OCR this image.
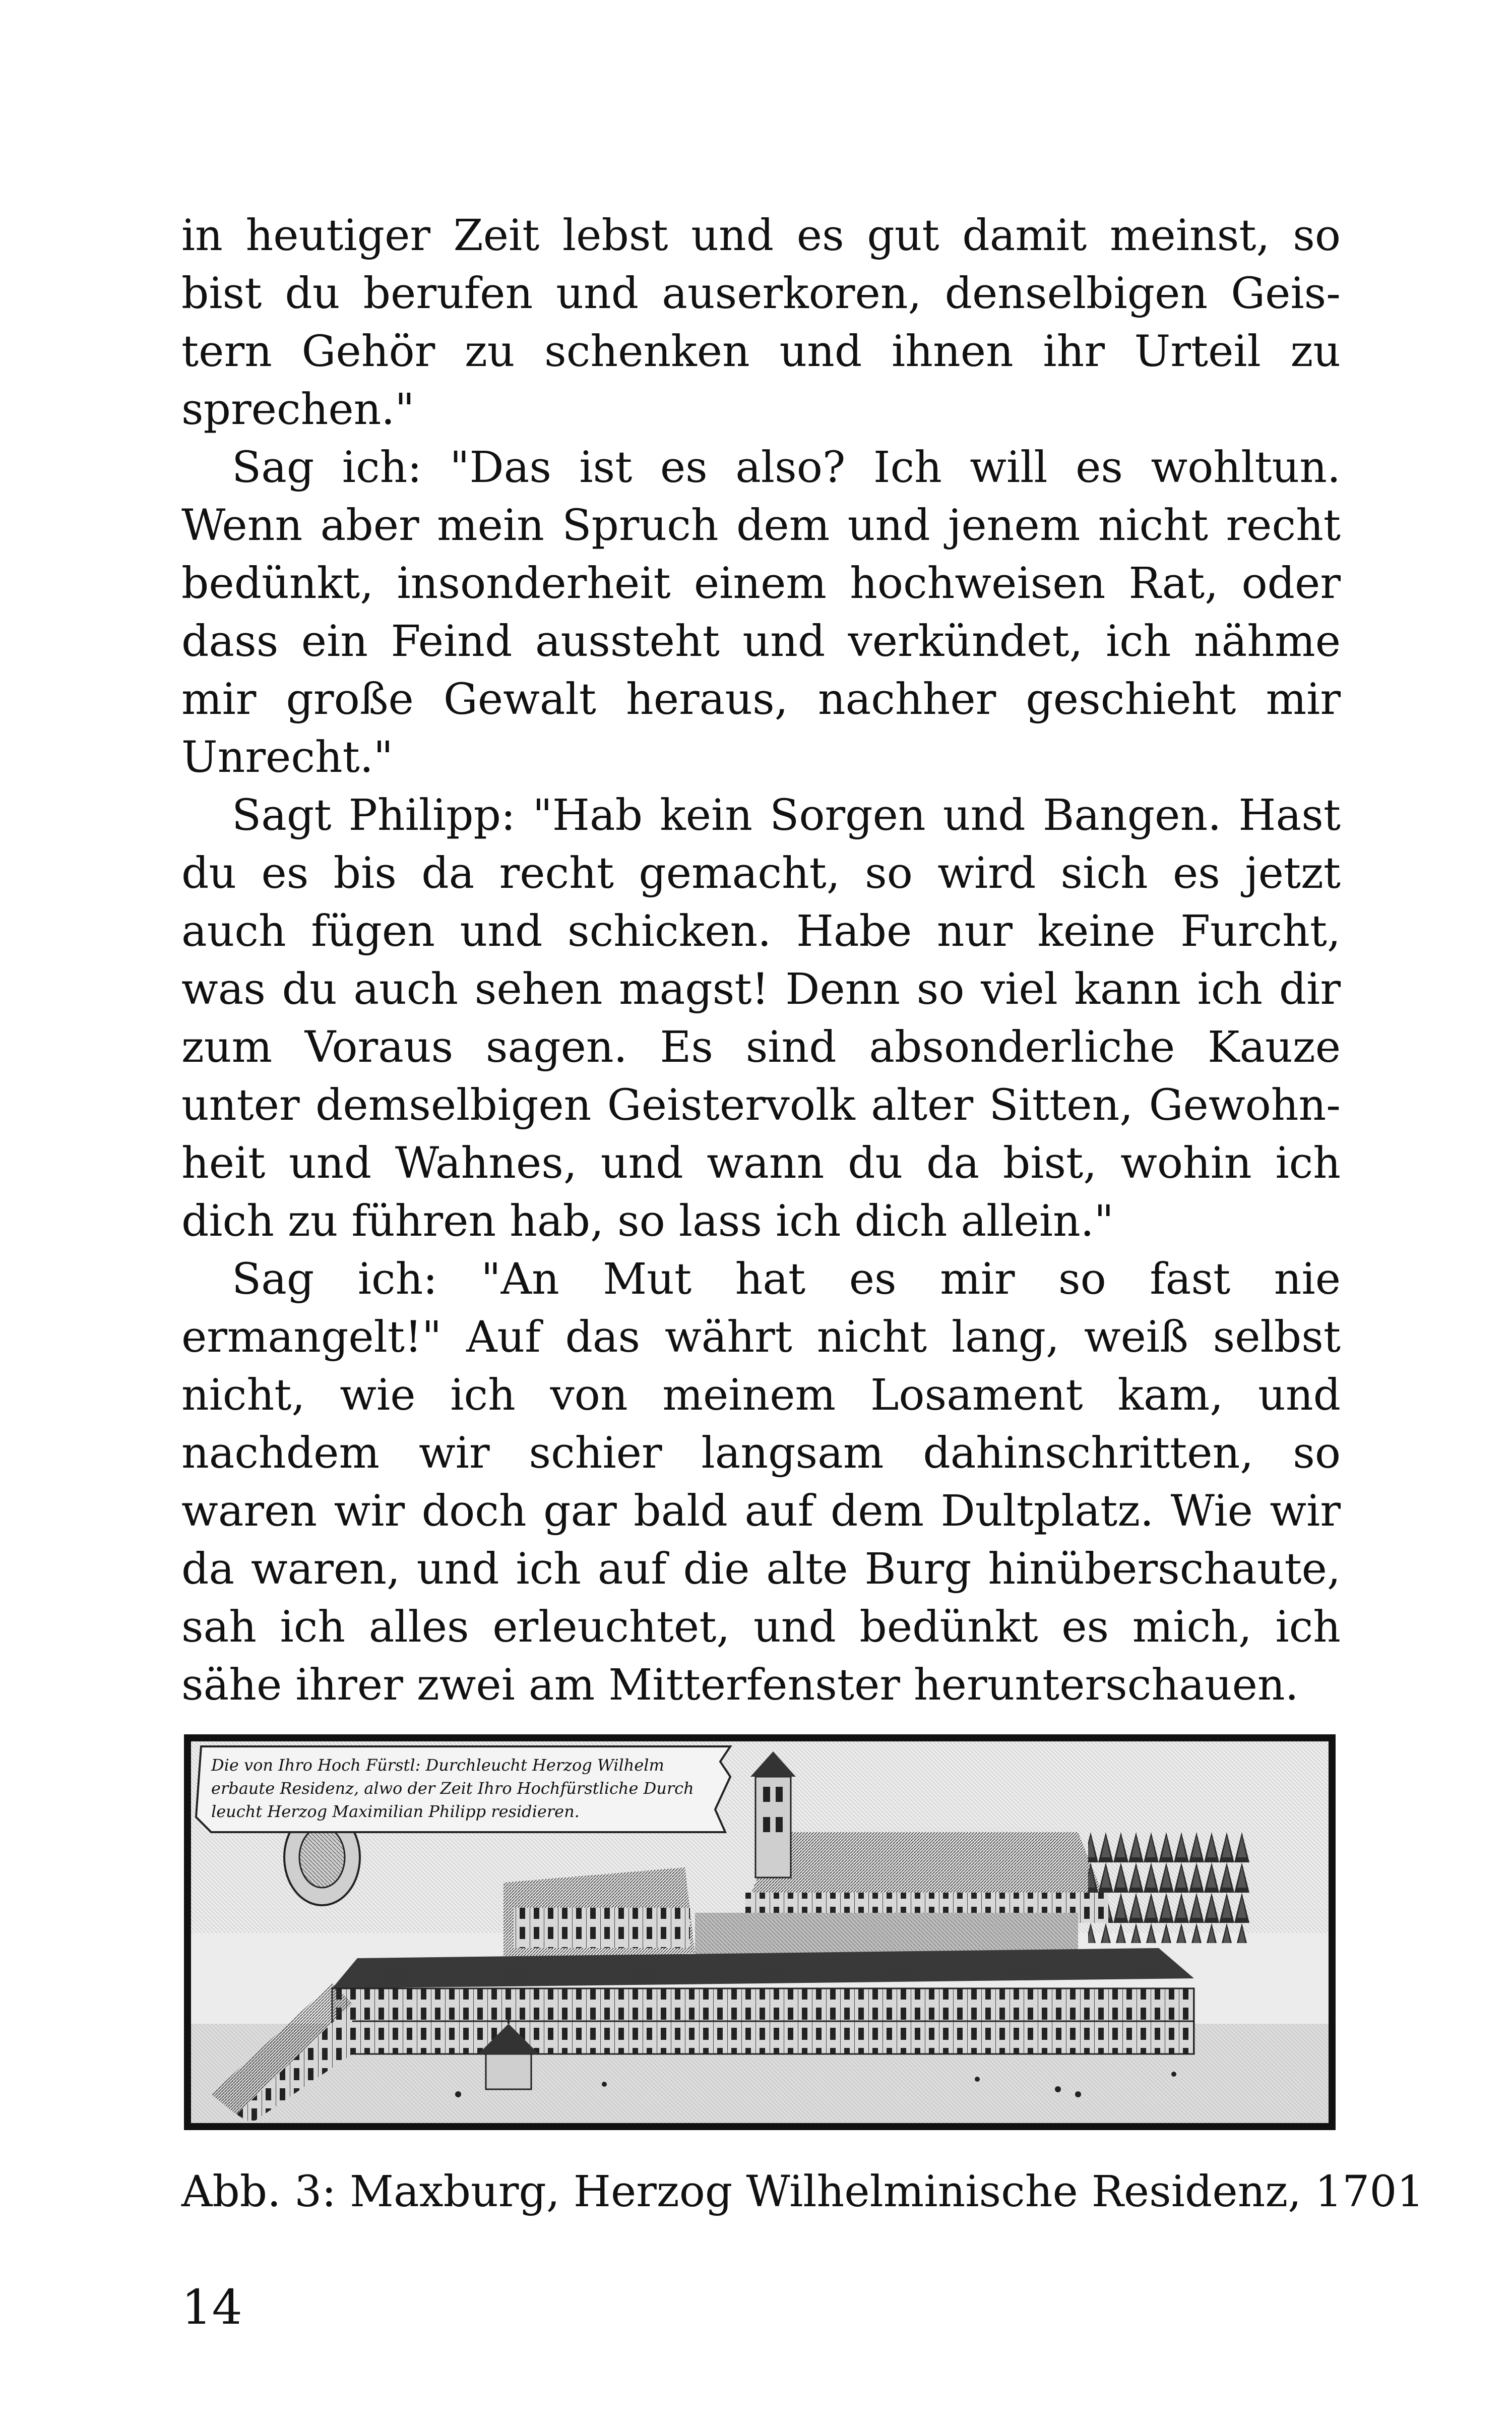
in heutiger Zeit lebst und es gut damit meinst, so bist du berufen und auserkoren, denselbigen Geistern Gehör zu schenken und ihnen ihr Urteil zu sprechen."

Sag ich: "Das ist es also? Ich will es wohltun. Wenn aber mein Spruch dem und jenem nicht recht bedünkt, insonderheit einem hochweisen Rat, oder dass ein Feind aussteht und verkündet, ich nähme mir große Gewalt heraus, nachher geschieht mir Unrecht."

Sagt Philipp: "Hab kein Sorgen und Bangen. Hast du es bis da recht gemacht, so wird sich es jetzt auch fügen und schicken. Habe nur keine Furcht, was du auch sehen magst! Denn so viel kann ich dir zum Voraus sagen. Es sind absonderliche Kauze unter demselbigen Geistervolk alter Sitten, Gewohnheit und Wahnes, und wann du da bist, wohin ich dich zu führen hab, so lass ich dich allein."

Sag ich: "An Mut hat es mir so fast nie ermangelt!" Auf das währt nicht lang, weiß selbst nicht, wie ich von meinem Losament kam, und nachdem wir schier langsam dahinschritten, so waren wir doch gar bald auf dem Dultplatz. Wie wir da waren, und ich auf die alte Burg hinüberschaute, sah ich alles erleuchtet, und bedünkt es mich, ich sähe ihrer zwei am Mitterfenster herunterschauen.

Die von Ihro Hoch Fürstl: Durchleucht Herzog Wilhelm
erbaute Residenz, alwo der Zeit Ihro Hochfürstliche Durch
leucht Herzog Maximilian Philipp residieren.
Abb. 3: Maxburg, Herzog Wilhelminische Residenz, 1701
14
